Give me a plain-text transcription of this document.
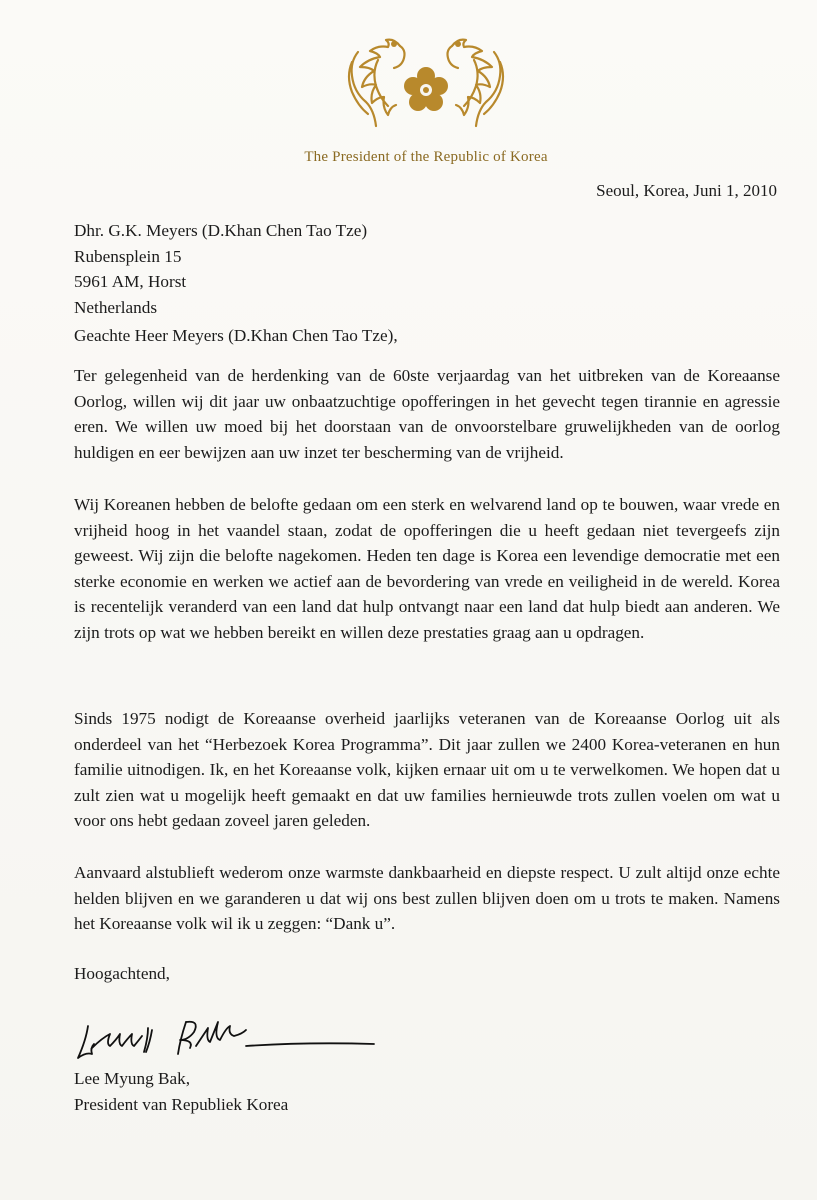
The President of the Republic of Korea
Seoul, Korea, Juni 1, 2010
Dhr. G.K. Meyers (D.Khan Chen Tao Tze)
Rubensplein 15
5961 AM, Horst
Netherlands
Geachte Heer Meyers (D.Khan Chen Tao Tze),
Ter gelegenheid van de herdenking van de 60ste verjaardag van het uitbreken van de Koreaanse Oorlog, willen wij dit jaar uw onbaatzuchtige opofferingen in het gevecht tegen tirannie en agressie eren. We willen uw moed bij het doorstaan van de onvoorstelbare gruwelijkheden van de oorlog huldigen en eer bewijzen aan uw inzet ter bescherming van de vrijheid.
Wij Koreanen hebben de belofte gedaan om een sterk en welvarend land op te bouwen, waar vrede en vrijheid hoog in het vaandel staan, zodat de opofferingen die u heeft gedaan niet tevergeefs zijn geweest. Wij zijn die belofte nagekomen. Heden ten dage is Korea een levendige democratie met een sterke economie en werken we actief aan de bevordering van vrede en veiligheid in de wereld. Korea is recentelijk veranderd van een land dat hulp ontvangt naar een land dat hulp biedt aan anderen. We zijn trots op wat we hebben bereikt en willen deze prestaties graag aan u opdragen.
Sinds 1975 nodigt de Koreaanse overheid jaarlijks veteranen van de Koreaanse Oorlog uit als onderdeel van het “Herbezoek Korea Programma”. Dit jaar zullen we 2400 Korea-veteranen en hun familie uitnodigen. Ik, en het Koreaanse volk, kijken ernaar uit om u te verwelkomen. We hopen dat u zult zien wat u mogelijk heeft gemaakt en dat uw families hernieuwde trots zullen voelen om wat u voor ons hebt gedaan zoveel jaren geleden.
Aanvaard alstublieft wederom onze warmste dankbaarheid en diepste respect. U zult altijd onze echte helden blijven en we garanderen u dat wij ons best zullen blijven doen om u trots te maken. Namens het Koreaanse volk wil ik u zeggen: “Dank u”.
Hoogachtend,
Lee Myung Bak,
President van Republiek Korea
